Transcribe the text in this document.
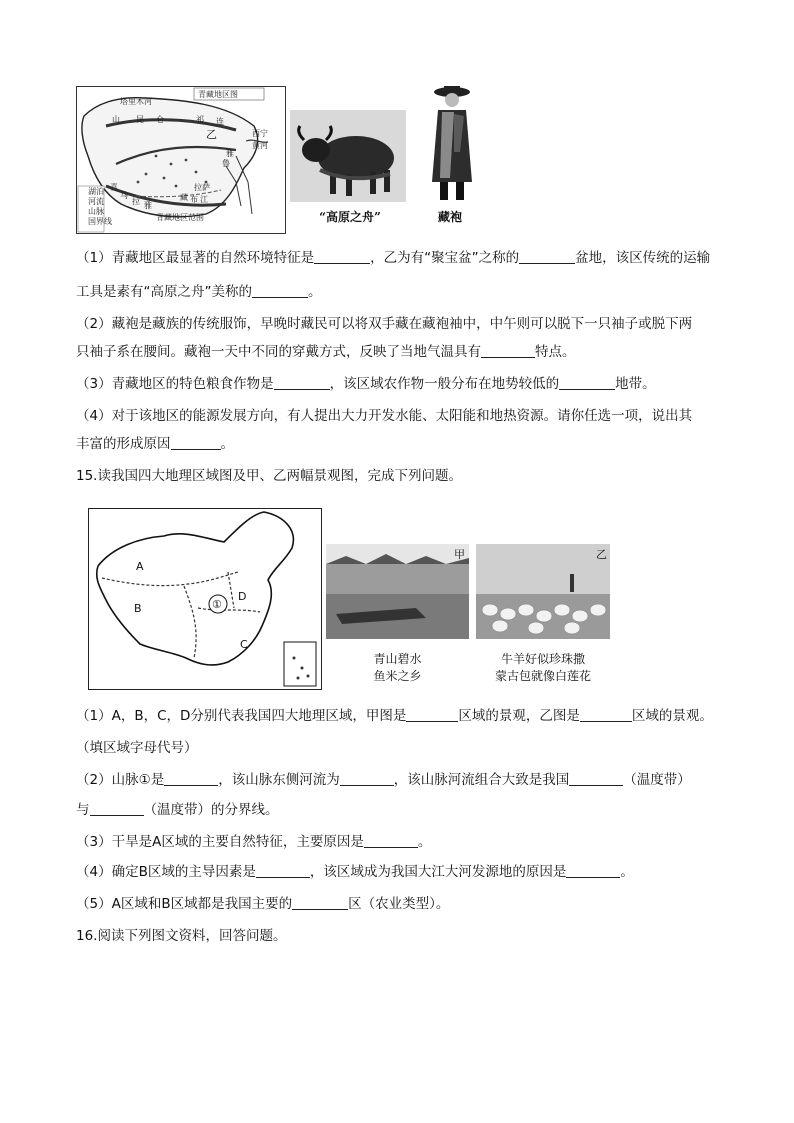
青藏地区图
塔里木河
山 昆 仑	祁 连
乙
雅
鲁
藏 布 江
喜
马
拉 雅
西宁
拉萨
黄河
湖泊
河流
山脉
国界线	青藏地区范围	“高原之舟”	藏袍
（1）青藏地区最显著的自然环境特征是	，乙为有“聚宝盆”之称的	盆地，该区传统的运输
工具是素有“高原之舟”美称的	。
（2）藏袍是藏族的传统服饰，早晚时藏民可以将双手藏在藏袍袖中，中午则可以脱下一只袖子或脱下两
只袖子系在腰间。藏袍一天中不同的穿戴方式，反映了当地气温具有	特点。
（3）青藏地区的特色粮食作物是	，该区域农作物一般分布在地势较低的	地带。
（4）对于该地区的能源发展方向，有人提出大力开发水能、太阳能和地热资源。请你任选一项，说出其
丰富的形成原因	。
15.读我国四大地理区域图及甲、乙两幅景观图，完成下列问题。
A
B
C
D
①
甲
青山碧水
鱼米之乡
乙
牛羊好似珍珠撒
蒙古包就像白莲花
（1）A，B，C，D分别代表我国四大地理区域，甲图是	区域的景观，乙图是	区域的景观。
（填区域字母代号）
（2）山脉①是	，该山脉东侧河流为	，该山脉河流组合大致是我国	（温度带）
与	（温度带）的分界线。
（3）干旱是A区域的主要自然特征，主要原因是	。
（4）确定B区域的主导因素是	，该区域成为我国大江大河发源地的原因是	。
（5）A区域和B区域都是我国主要的	区（农业类型）。
16.阅读下列图文资料，回答问题。
